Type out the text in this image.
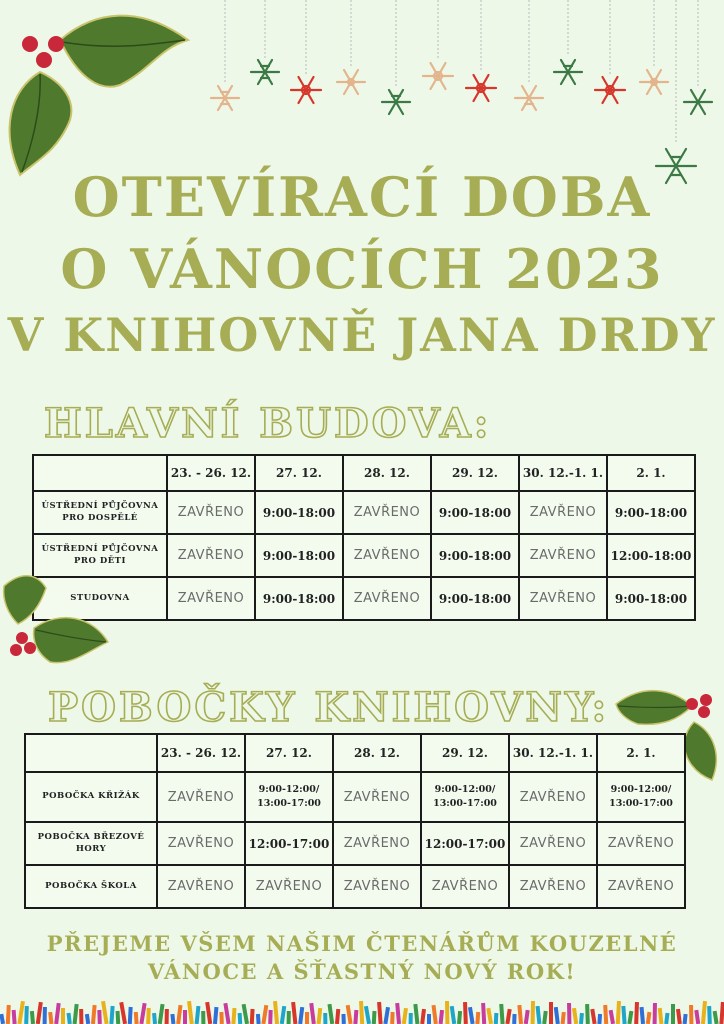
OTEVÍRACÍ DOBA
O VÁNOCÍCH 2023
V KNIHOVNĚ JANA DRDY
HLAVNÍ BUDOVA:
	23. - 26. 12.	27. 12.	28. 12.	29. 12.	30. 12.-1. 1.	2. 1.
ÚSTŘEDNÍ PŮJČOVNA
PRO DOSPĚLÉ	ZAVŘENO	9:00-18:00	ZAVŘENO	9:00-18:00	ZAVŘENO	9:00-18:00
ÚSTŘEDNÍ PŮJČOVNA
PRO DĚTI	ZAVŘENO	9:00-18:00	ZAVŘENO	9:00-18:00	ZAVŘENO	12:00-18:00
STUDOVNA	ZAVŘENO	9:00-18:00	ZAVŘENO	9:00-18:00	ZAVŘENO	9:00-18:00
POBOČKY KNIHOVNY:
	23. - 26. 12.	27. 12.	28. 12.	29. 12.	30. 12.-1. 1.	2. 1.
POBOČKA KŘIŽÁK	ZAVŘENO	9:00-12:00/
13:00-17:00	ZAVŘENO	9:00-12:00/
13:00-17:00	ZAVŘENO	9:00-12:00/
13:00-17:00
POBOČKA BŘEZOVÉ
HORY	ZAVŘENO	12:00-17:00	ZAVŘENO	12:00-17:00	ZAVŘENO	ZAVŘENO
POBOČKA ŠKOLA	ZAVŘENO	ZAVŘENO	ZAVŘENO	ZAVŘENO	ZAVŘENO	ZAVŘENO
PŘEJEME VŠEM NAŠIM ČTENÁŘŮM KOUZELNÉ
VÁNOCE A ŠŤASTNÝ NOVÝ ROK!
